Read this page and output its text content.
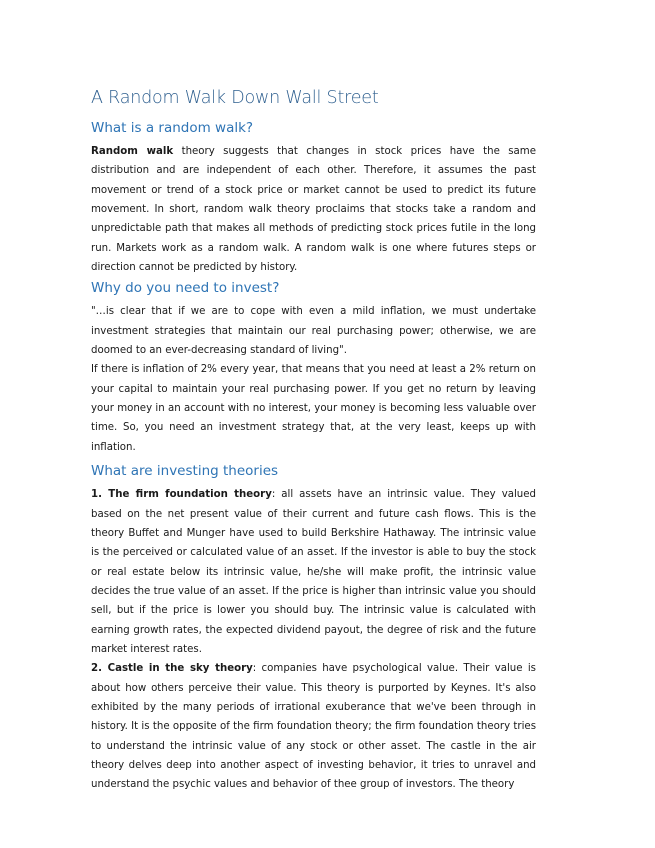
A Random Walk Down Wall Street
What is a random walk?

Random walk theory suggests that changes in stock prices have the same distribution and are independent of each other. Therefore, it assumes the past movement or trend of a stock price or market cannot be used to predict its future movement. In short, random walk theory proclaims that stocks take a random and unpredictable path that makes all methods of predicting stock prices futile in the long run. Markets work as a random walk. A random walk is one where futures steps or direction cannot be predicted by history.

Why do you need to invest?

"…is clear that if we are to cope with even a mild inflation, we must undertake investment strategies that maintain our real purchasing power; otherwise, we are doomed to an ever-decreasing standard of living".

If there is inflation of 2% every year, that means that you need at least a 2% return on your capital to maintain your real purchasing power. If you get no return by leaving your money in an account with no interest, your money is becoming less valuable over time. So, you need an investment strategy that, at the very least, keeps up with inflation.

What are investing theories

1. The firm foundation theory: all assets have an intrinsic value. They valued based on the net present value of their current and future cash flows. This is the theory Buffet and Munger have used to build Berkshire Hathaway. The intrinsic value is the perceived or calculated value of an asset. If the investor is able to buy the stock or real estate below its intrinsic value, he/she will make profit, the intrinsic value decides the true value of an asset. If the price is higher than intrinsic value you should sell, but if the price is lower you should buy. The intrinsic value is calculated with earning growth rates, the expected dividend payout, the degree of risk and the future market interest rates.

2. Castle in the sky theory: companies have psychological value. Their value is about how others perceive their value. This theory is purported by Keynes. It's also exhibited by the many periods of irrational exuberance that we've been through in history. It is the opposite of the firm foundation theory; the firm foundation theory tries to understand the intrinsic value of any stock or other asset. The castle in the air theory delves deep into another aspect of investing behavior, it tries to unravel and understand the psychic values and behavior of thee group of investors. The theory
